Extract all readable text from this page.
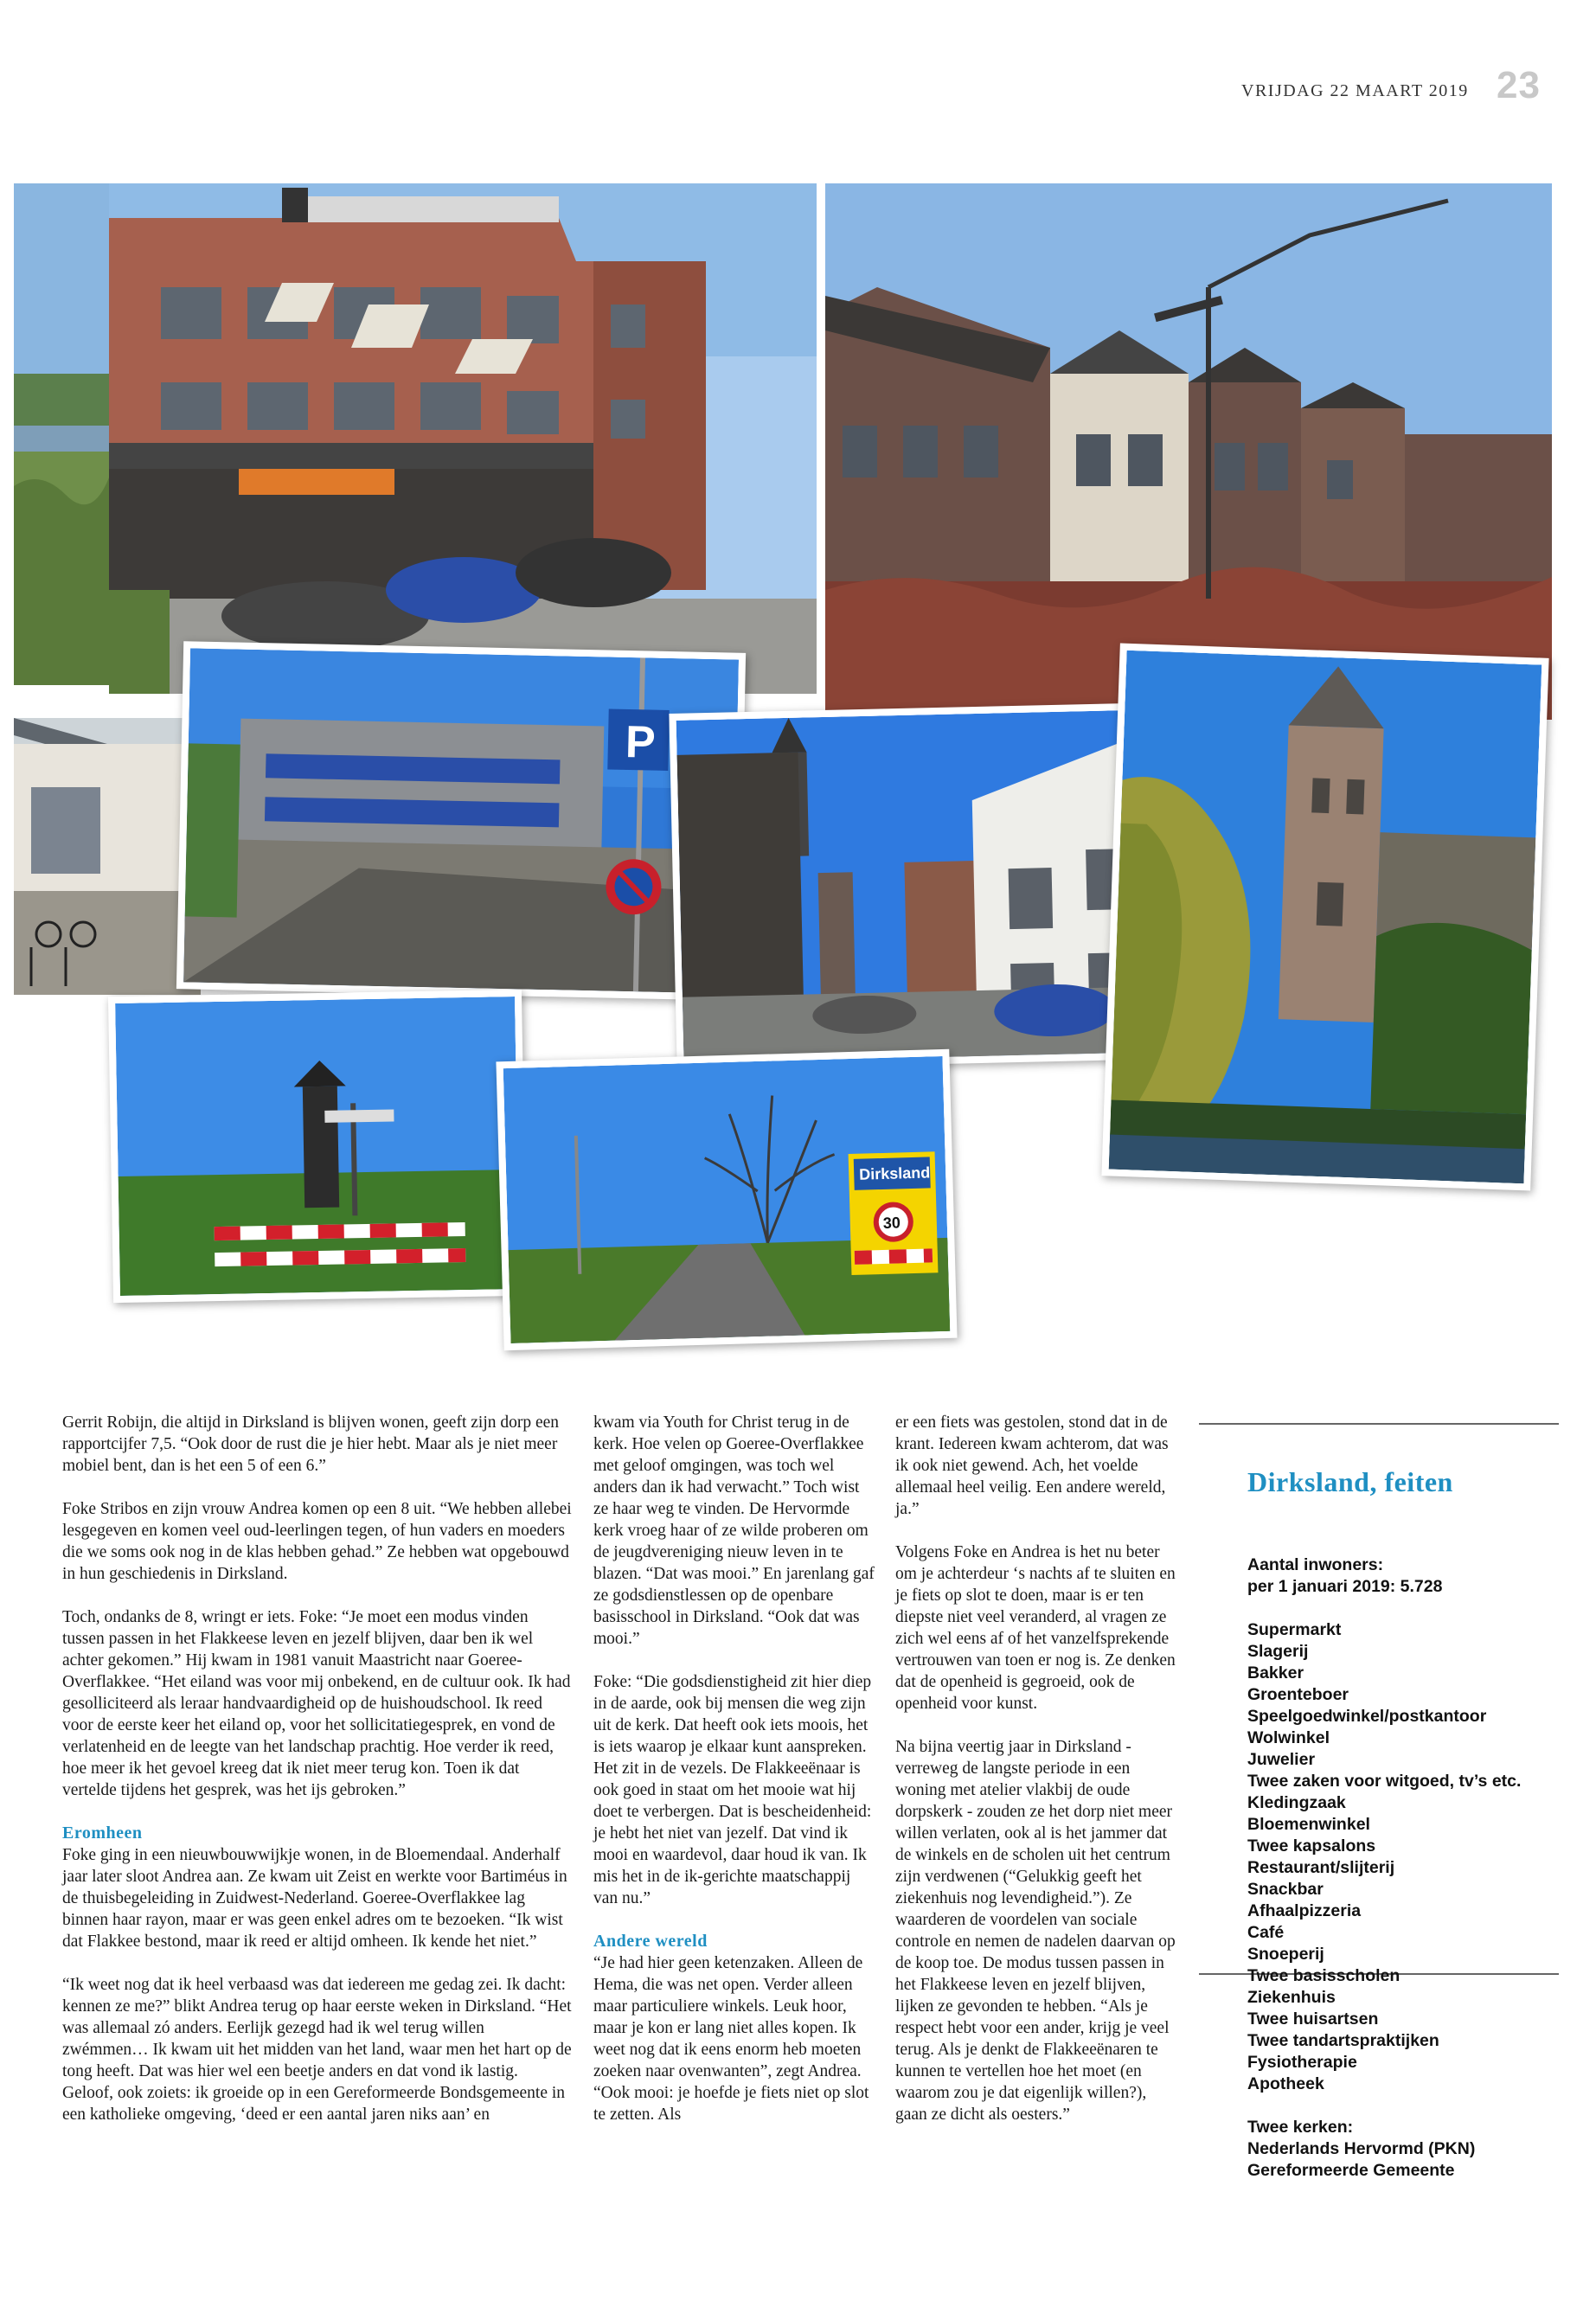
VRIJDAG 22 MAART 2019 23
P
Dirksland
30

Gerrit Robijn, die altijd in Dirksland is blijven wonen, geeft zijn dorp een rapportcijfer 7,5. “Ook door de rust die je hier hebt. Maar als je niet meer mobiel bent, dan is het een 5 of een 6.”

Foke Stribos en zijn vrouw Andrea komen op een 8 uit. “We hebben allebei lesgegeven en komen veel oud-leerlingen tegen, of hun vaders en moeders die we soms ook nog in de klas hebben gehad.” Ze hebben wat opgebouwd in hun geschiedenis in Dirksland.

Toch, ondanks de 8, wringt er iets. Foke: “Je moet een modus vinden tussen passen in het Flakkeese leven en jezelf blijven, daar ben ik wel achter gekomen.” Hij kwam in 1981 vanuit Maastricht naar Goeree-Overflakkee. “Het eiland was voor mij onbekend, en de cultuur ook. Ik had gesolliciteerd als leraar handvaardigheid op de huishoudschool. Ik reed voor de eerste keer het eiland op, voor het sollicitatiegesprek, en vond de verlatenheid en de leegte van het landschap prachtig. Hoe verder ik reed, hoe meer ik het gevoel kreeg dat ik niet meer terug kon. Toen ik dat vertelde tijdens het gesprek, was het ijs gebroken.”

Eromheen

Foke ging in een nieuwbouwwijkje wonen, in de Bloemendaal. Anderhalf jaar later sloot Andrea aan. Ze kwam uit Zeist en werkte voor Bartiméus in de thuisbegeleiding in Zuidwest-Nederland. Goeree-Overflakkee lag binnen haar rayon, maar er was geen enkel adres om te bezoeken. “Ik wist dat Flakkee bestond, maar ik reed er altijd omheen. Ik kende het niet.”

“Ik weet nog dat ik heel verbaasd was dat iedereen me gedag zei. Ik dacht: kennen ze me?” blikt Andrea terug op haar eerste weken in Dirksland. “Het was allemaal zó anders. Eerlijk gezegd had ik wel terug willen zwémmen… Ik kwam uit het midden van het land, waar men het hart op de tong heeft. Dat was hier wel een beetje anders en dat vond ik lastig. Geloof, ook zoiets: ik groeide op in een Gereformeerde Bondsgemeente in een katholieke omgeving, ‘deed er een aantal jaren niks aan’ en

kwam via Youth for Christ terug in de kerk. Hoe velen op Goeree-Overflakkee met geloof omgingen, was toch wel anders dan ik had verwacht.” Toch wist ze haar weg te vinden. De Hervormde kerk vroeg haar of ze wilde proberen om de jeugdvereniging nieuw leven in te blazen. “Dat was mooi.” En jarenlang gaf ze godsdienstlessen op de openbare basisschool in Dirksland. “Ook dat was mooi.”

Foke: “Die godsdienstigheid zit hier diep in de aarde, ook bij mensen die weg zijn uit de kerk. Dat heeft ook iets moois, het is iets waarop je elkaar kunt aanspreken. Het zit in de vezels. De Flakkeeënaar is ook goed in staat om het mooie wat hij doet te verbergen. Dat is bescheidenheid: je hebt het niet van jezelf. Dat vind ik mooi en waardevol, daar houd ik van. Ik mis het in de ik-gerichte maatschappij van nu.”

Andere wereld

“Je had hier geen ketenzaken. Alleen de Hema, die was net open. Verder alleen maar particuliere winkels. Leuk hoor, maar je kon er lang niet alles kopen. Ik weet nog dat ik eens enorm heb moeten zoeken naar ovenwanten”, zegt Andrea. “Ook mooi: je hoefde je fiets niet op slot te zetten. Als

er een fiets was gestolen, stond dat in de krant. Iedereen kwam achterom, dat was ik ook niet gewend. Ach, het voelde allemaal heel veilig. Een andere wereld, ja.”

Volgens Foke en Andrea is het nu beter om je achterdeur ‘s nachts af te sluiten en je fiets op slot te doen, maar is er ten diepste niet veel veranderd, al vragen ze zich wel eens af of het vanzelfsprekende vertrouwen van toen er nog is. Ze denken dat de openheid is gegroeid, ook de openheid voor kunst.

Na bijna veertig jaar in Dirksland - verreweg de langste periode in een woning met atelier vlakbij de oude dorpskerk - zouden ze het dorp niet meer willen verlaten, ook al is het jammer dat de winkels en de scholen uit het centrum zijn verdwenen (“Gelukkig geeft het ziekenhuis nog levendigheid.”). Ze waarderen de voordelen van sociale controle en nemen de nadelen daarvan op de koop toe. De modus tussen passen in het Flakkeese leven en jezelf blijven, lijken ze gevonden te hebben. “Als je respect hebt voor een ander, krijg je veel terug. Als je denkt de Flakkeeënaren te kunnen te vertellen hoe het moet (en waarom zou je dat eigenlijk willen?), gaan ze dicht als oesters.”

Dirksland, feiten
Aantal inwoners:
per 1 januari 2019: 5.728
Supermarkt
Slagerij
Bakker
Groenteboer
Speelgoedwinkel/postkantoor
Wolwinkel
Juwelier
Twee zaken voor witgoed, tv’s etc.
Kledingzaak
Bloemenwinkel
Twee kapsalons
Restaurant/slijterij
Snackbar
Afhaalpizzeria
Café
Snoeperij
Twee basisscholen
Ziekenhuis
Twee huisartsen
Twee tandartspraktijken
Fysiotherapie
Apotheek
Twee kerken:
Nederlands Hervormd (PKN)
Gereformeerde Gemeente
